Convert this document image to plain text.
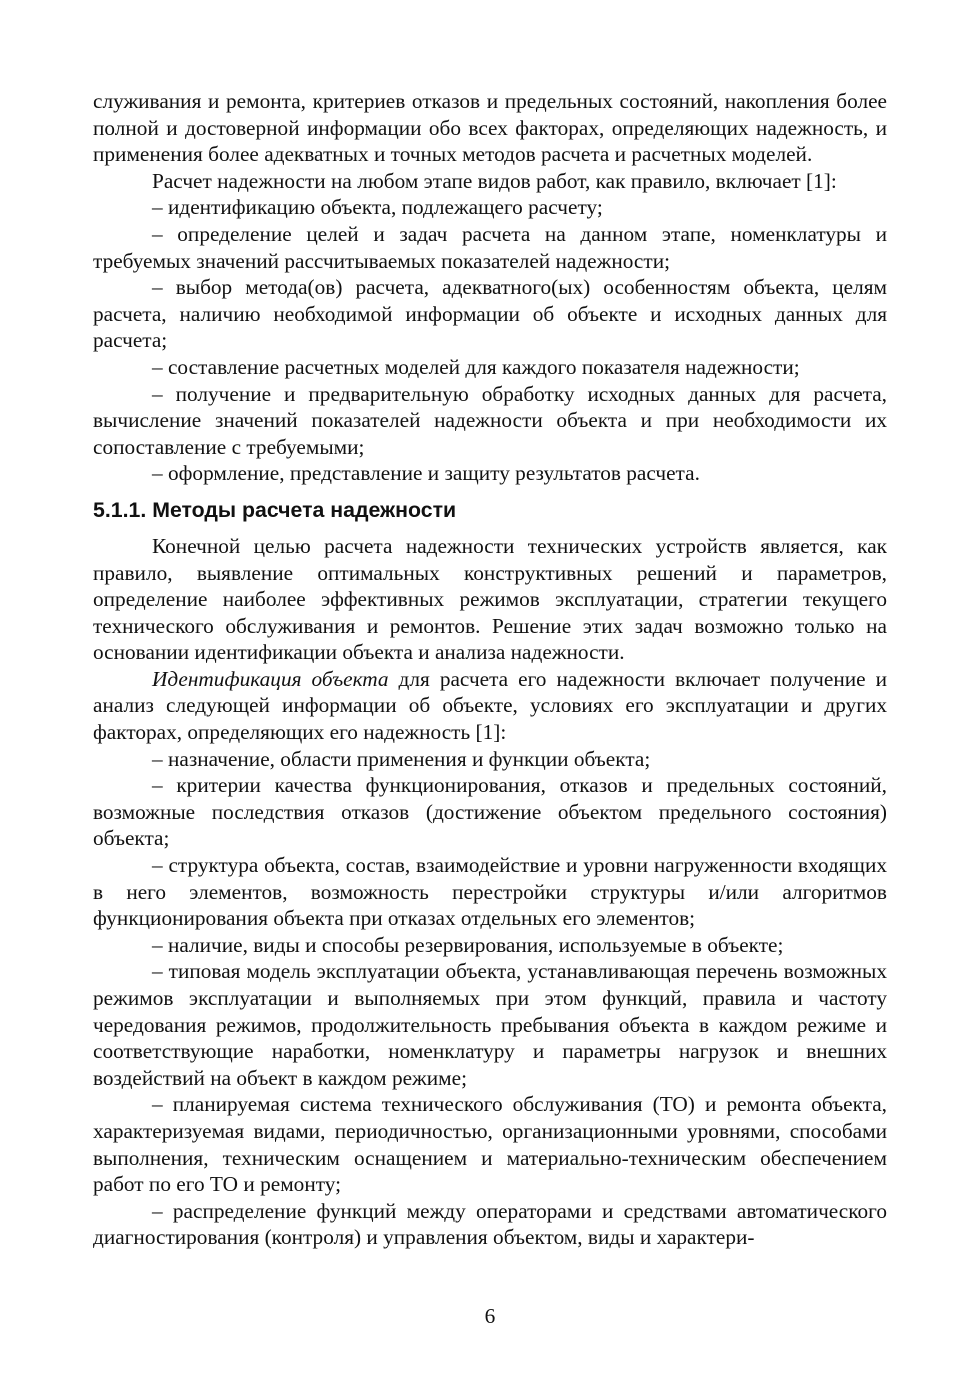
служивания и ремонта, критериев отказов и предельных состояний, накопления более полной и достоверной информации обо всех факторах, определяющих надежность, и применения более адекватных и точных методов расчета и расчетных моделей.

Расчет надежности на любом этапе видов работ, как правило, включает [1]:

– идентификацию объекта, подлежащего расчету;

– определение целей и задач расчета на данном этапе, номенклатуры и требуемых значений рассчитываемых показателей надежности;

– выбор метода(ов) расчета, адекватного(ых) особенностям объекта, целям расчета, наличию необходимой информации об объекте и исходных данных для расчета;

– составление расчетных моделей для каждого показателя надежности;

– получение и предварительную обработку исходных данных для расчета, вычисление значений показателей надежности объекта и при необходимости их сопоставление с требуемыми;

– оформление, представление и защиту результатов расчета.

5.1.1. Методы расчета надежности

Конечной целью расчета надежности технических устройств является, как правило, выявление оптимальных конструктивных решений и параметров, определение наиболее эффективных режимов эксплуатации, стратегии текущего технического обслуживания и ремонтов. Решение этих задач возможно только на основании идентификации объекта и анализа надежности.

Идентификация объекта для расчета его надежности включает получение и анализ следующей информации об объекте, условиях его эксплуатации и других факторах, определяющих его надежность [1]:

– назначение, области применения и функции объекта;

– критерии качества функционирования, отказов и предельных состояний, возможные последствия отказов (достижение объектом предельного состояния) объекта;

– структура объекта, состав, взаимодействие и уровни нагруженности входящих в него элементов, возможность перестройки структуры и/или алгоритмов функционирования объекта при отказах отдельных его элементов;

– наличие, виды и способы резервирования, используемые в объекте;

– типовая модель эксплуатации объекта, устанавливающая перечень возможных режимов эксплуатации и выполняемых при этом функций, правила и частоту чередования режимов, продолжительность пребывания объекта в каждом режиме и соответствующие наработки, номенклатуру и параметры нагрузок и внешних воздействий на объект в каждом режиме;

– планируемая система технического обслуживания (ТО) и ремонта объекта, характеризуемая видами, периодичностью, организационными уровнями, способами выполнения, техническим оснащением и материально-техническим обеспечением работ по его ТО и ремонту;

– распределение функций между операторами и средствами автоматического диагностирования (контроля) и управления объектом, виды и характери-

6
